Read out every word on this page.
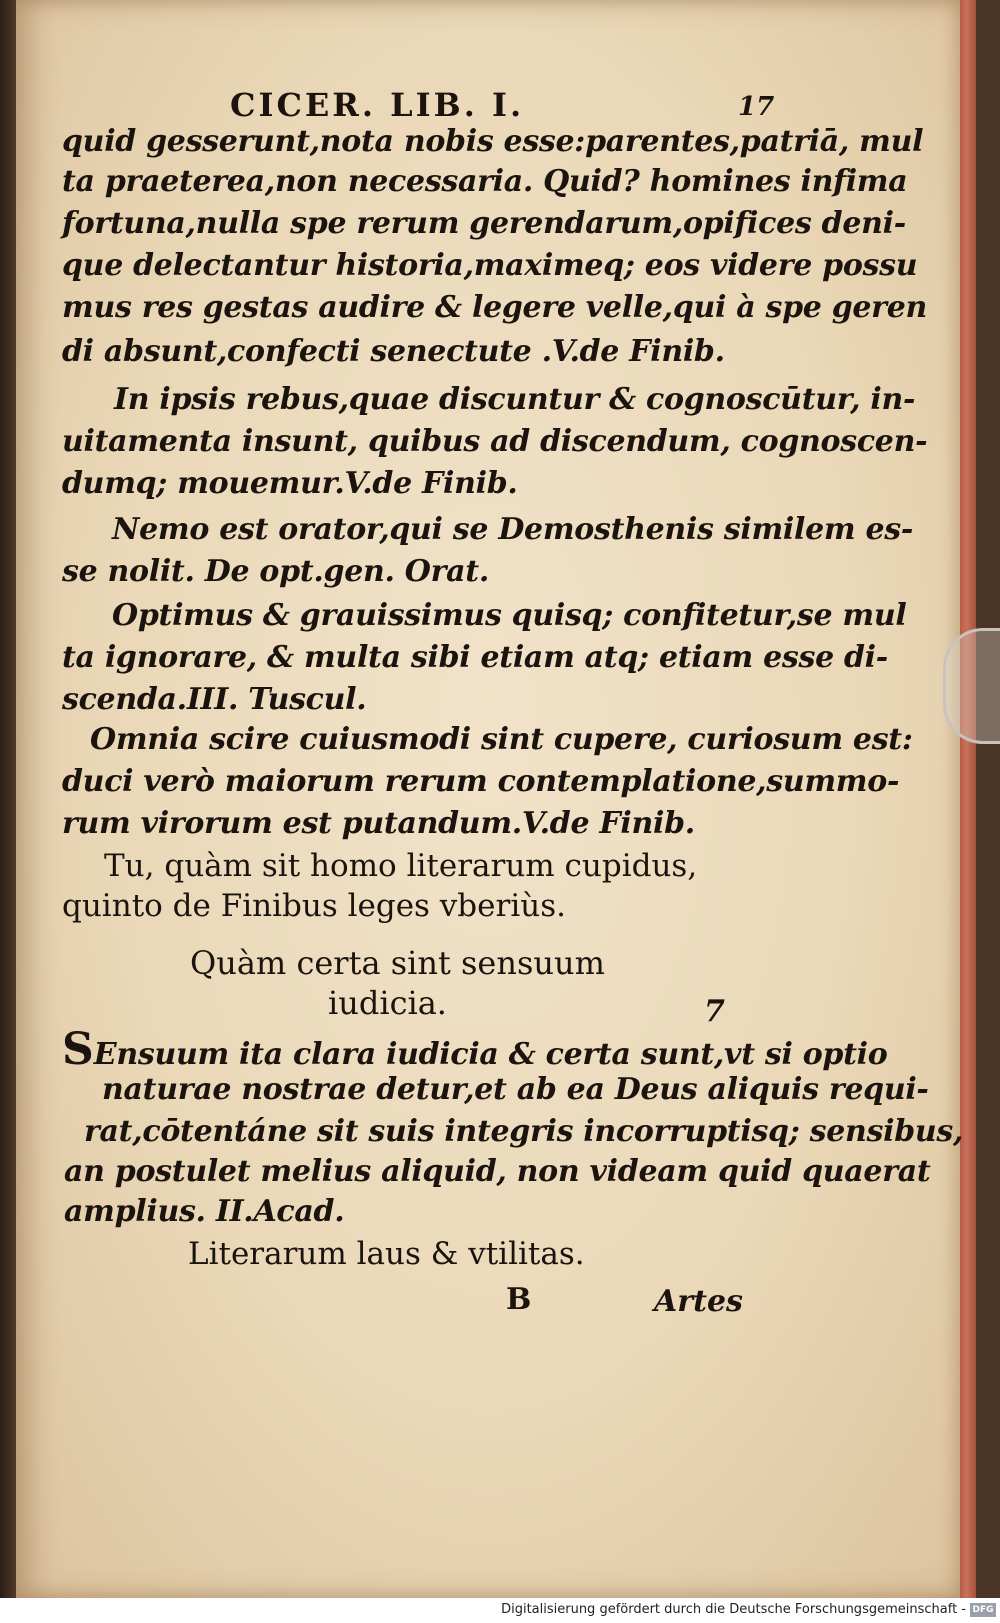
CICER. LIB. I.	17
quid gesserunt,nota nobis esse:parentes,patriā, mul
ta praeterea,non necessaria. Quid? homines infima
fortuna,nulla spe rerum gerendarum,opifices deni-
que delectantur historia,maximeq; eos videre possu
mus res gestas audire & legere velle,qui à spe geren
di absunt,confecti senectute .V.de Finib.
In ipsis rebus,quae discuntur & cognoscūtur, in-
uitamenta insunt, quibus ad discendum, cognoscen-
dumq; mouemur.V.de Finib.
Nemo est orator,qui se Demosthenis similem es-
se nolit. De opt.gen. Orat.
Optimus & grauissimus quisq; confitetur,se mul
ta ignorare, & multa sibi etiam atq; etiam esse di-
scenda.III. Tuscul.
Omnia scire cuiusmodi sint cupere, curiosum est:
duci verò maiorum rerum contemplatione,summo-
rum virorum est putandum.V.de Finib.
Tu, quàm sit homo literarum cupidus,
quinto de Finibus leges vberiùs.
Quàm certa sint sensuum
iudicia.	7
SEnsuum ita clara iudicia & certa sunt,vt si optio
naturae nostrae detur,et ab ea Deus aliquis requi-
rat,cōtentáne sit suis integris incorruptisq; sensibus,
an postulet melius aliquid, non videam quid quaerat
amplius. II.Acad.
Literarum laus & vtilitas.
B	Artes
Digitalisierung gefördert durch die Deutsche Forschungsgemeinschaft - DFG
